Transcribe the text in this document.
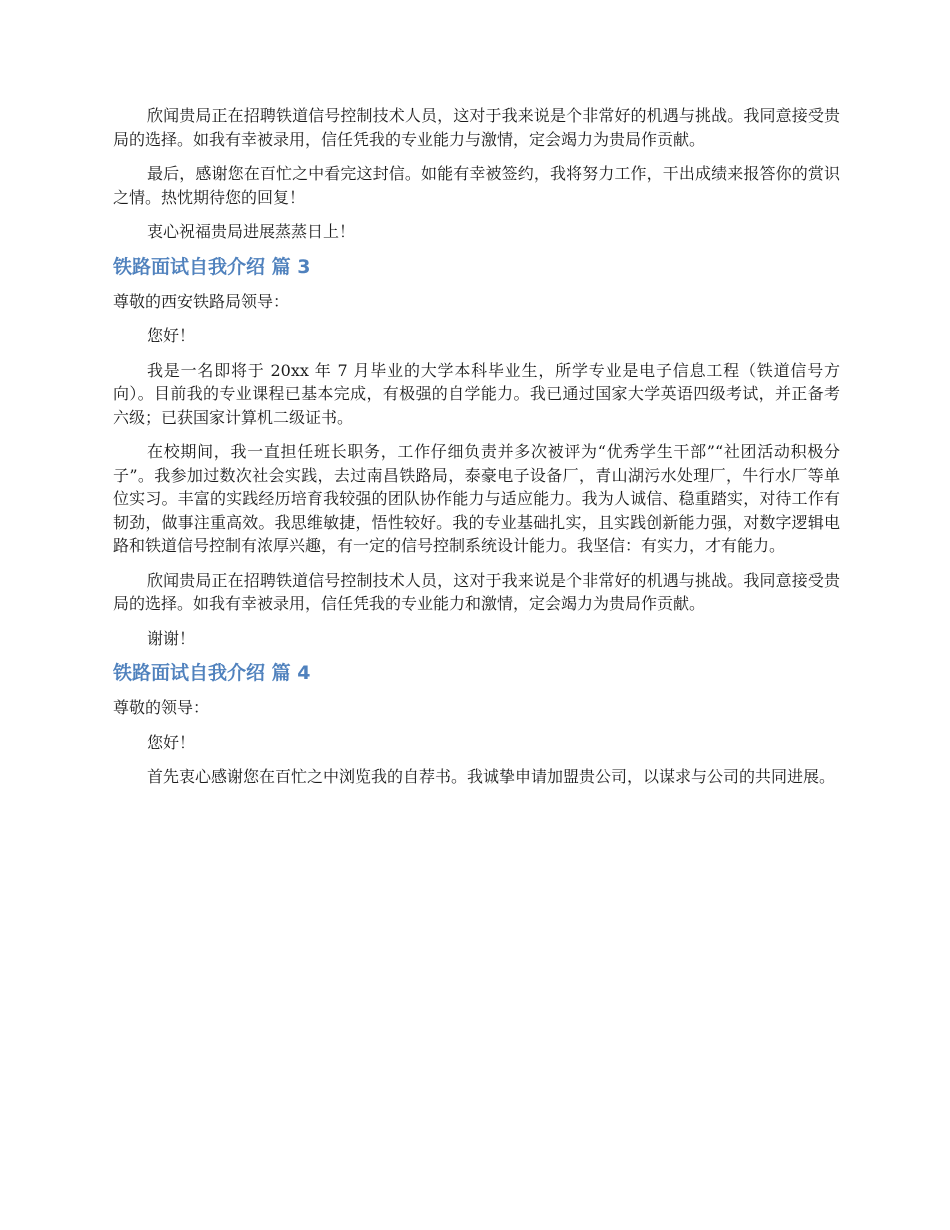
欣闻贵局正在招聘铁道信号控制技术人员，这对于我来说是个非常好的机遇与挑战。我同意接受贵局的选择。如我有幸被录用，信任凭我的专业能力与激情，定会竭力为贵局作贡献。

最后，感谢您在百忙之中看完这封信。如能有幸被签约，我将努力工作，干出成绩来报答你的赏识之情。热忱期待您的回复！

衷心祝福贵局进展蒸蒸日上！

铁路面试自我介绍 篇 3

尊敬的西安铁路局领导：

您好！

我是一名即将于 20xx 年 7 月毕业的大学本科毕业生，所学专业是电子信息工程（铁道信号方向）。目前我的专业课程已基本完成，有极强的自学能力。我已通过国家大学英语四级考试，并正备考六级；已获国家计算机二级证书。

在校期间，我一直担任班长职务，工作仔细负责并多次被评为“优秀学生干部”“社团活动积极分子”。我参加过数次社会实践，去过南昌铁路局，泰豪电子设备厂，青山湖污水处理厂，牛行水厂等单位实习。丰富的实践经历培育我较强的团队协作能力与适应能力。我为人诚信、稳重踏实，对待工作有韧劲，做事注重高效。我思维敏捷，悟性较好。我的专业基础扎实，且实践创新能力强，对数字逻辑电路和铁道信号控制有浓厚兴趣，有一定的信号控制系统设计能力。我坚信：有实力，才有能力。

欣闻贵局正在招聘铁道信号控制技术人员，这对于我来说是个非常好的机遇与挑战。我同意接受贵局的选择。如我有幸被录用，信任凭我的专业能力和激情，定会竭力为贵局作贡献。

谢谢！

铁路面试自我介绍 篇 4

尊敬的领导：

您好！

首先衷心感谢您在百忙之中浏览我的自荐书。我诚挚申请加盟贵公司，以谋求与公司的共同进展。
